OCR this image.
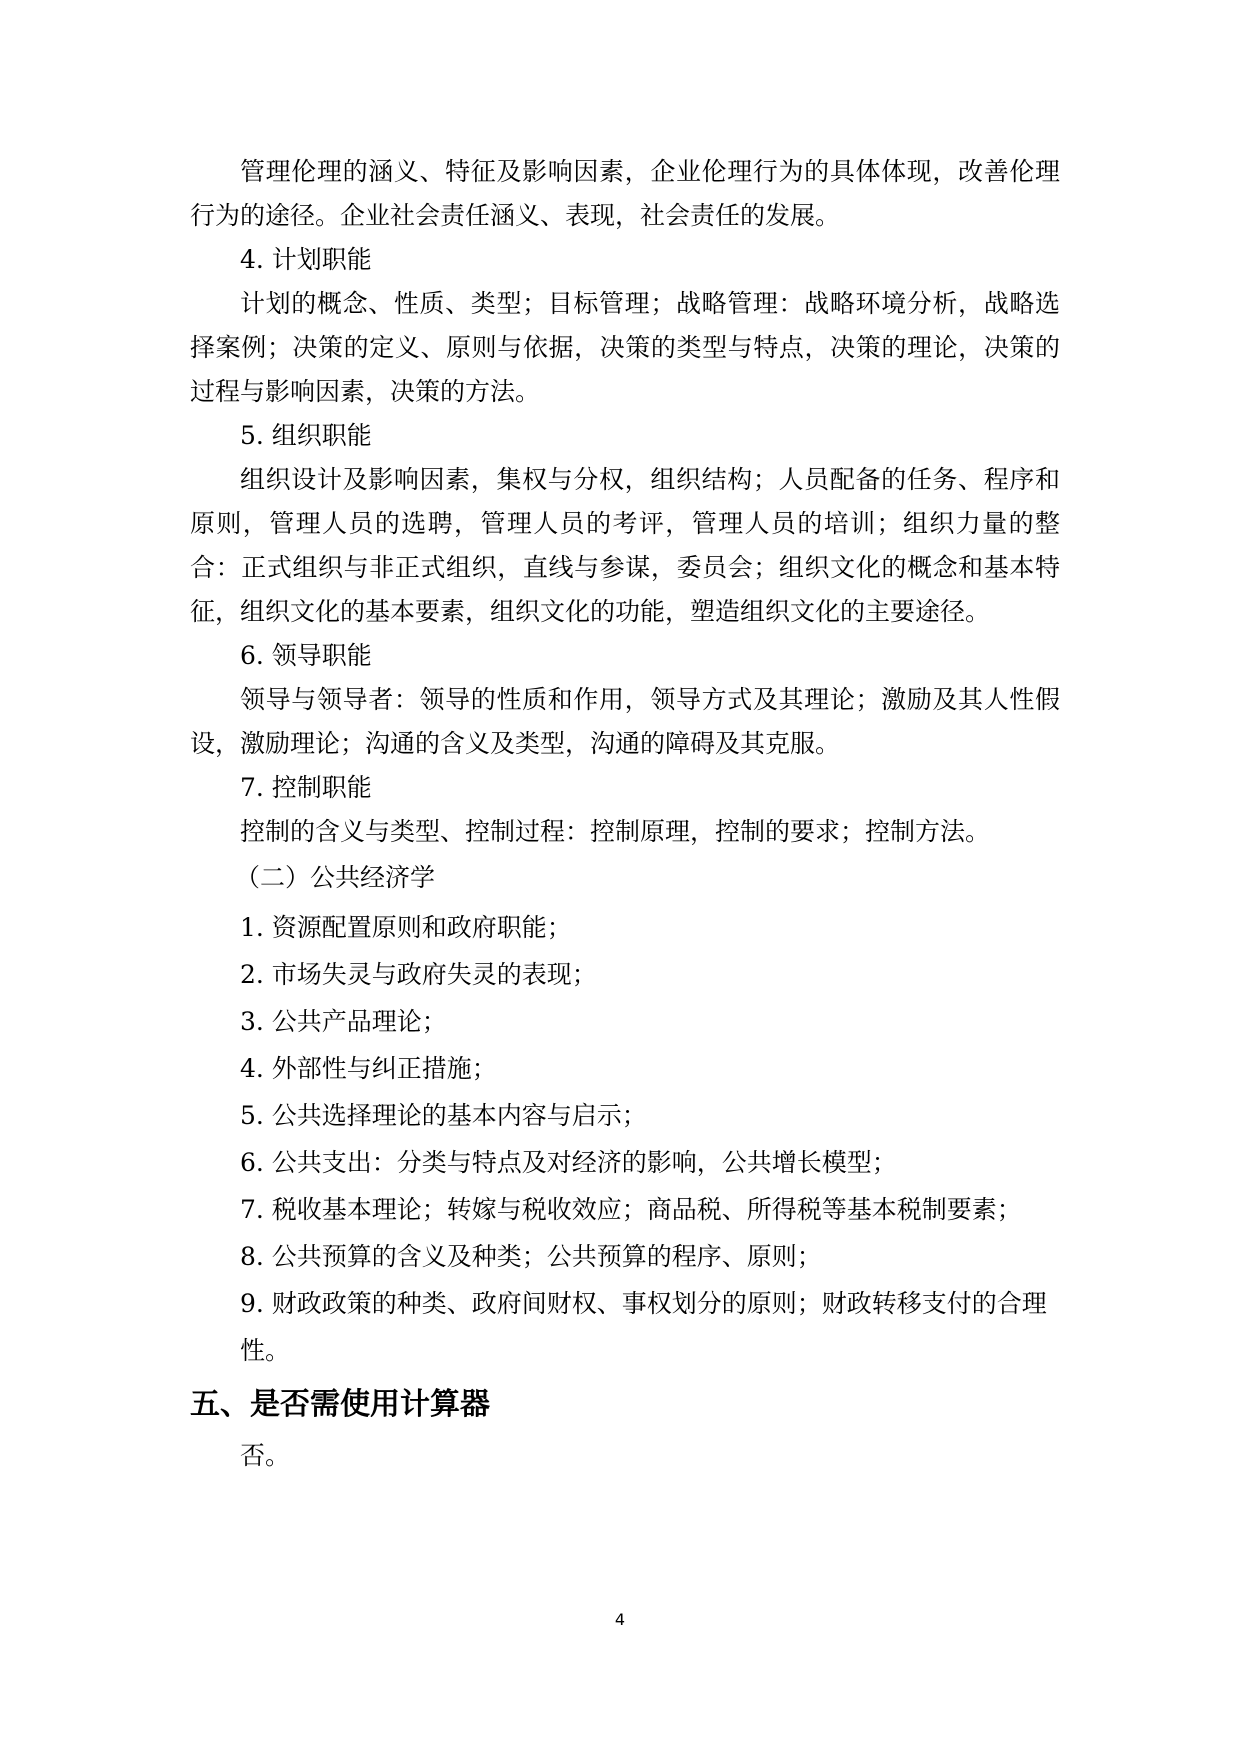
管理伦理的涵义、特征及影响因素，企业伦理行为的具体体现，改善伦理行为的途径。企业社会责任涵义、表现，社会责任的发展。

4. 计划职能

计划的概念、性质、类型；目标管理；战略管理：战略环境分析，战略选择案例；决策的定义、原则与依据，决策的类型与特点，决策的理论，决策的过程与影响因素，决策的方法。

5. 组织职能

组织设计及影响因素，集权与分权，组织结构；人员配备的任务、程序和原则，管理人员的选聘，管理人员的考评，管理人员的培训；组织力量的整合：正式组织与非正式组织，直线与参谋，委员会；组织文化的概念和基本特征，组织文化的基本要素，组织文化的功能，塑造组织文化的主要途径。

6. 领导职能

领导与领导者：领导的性质和作用，领导方式及其理论；激励及其人性假设，激励理论；沟通的含义及类型，沟通的障碍及其克服。

7. 控制职能

控制的含义与类型、控制过程：控制原理，控制的要求；控制方法。

（二）公共经济学

1. 资源配置原则和政府职能；

2. 市场失灵与政府失灵的表现；

3. 公共产品理论；

4. 外部性与纠正措施；

5. 公共选择理论的基本内容与启示；

6. 公共支出：分类与特点及对经济的影响，公共增长模型；

7. 税收基本理论；转嫁与税收效应；商品税、所得税等基本税制要素；

8. 公共预算的含义及种类；公共预算的程序、原则；

9. 财政政策的种类、政府间财权、事权划分的原则；财政转移支付的合理性。

五、是否需使用计算器

否。

4
